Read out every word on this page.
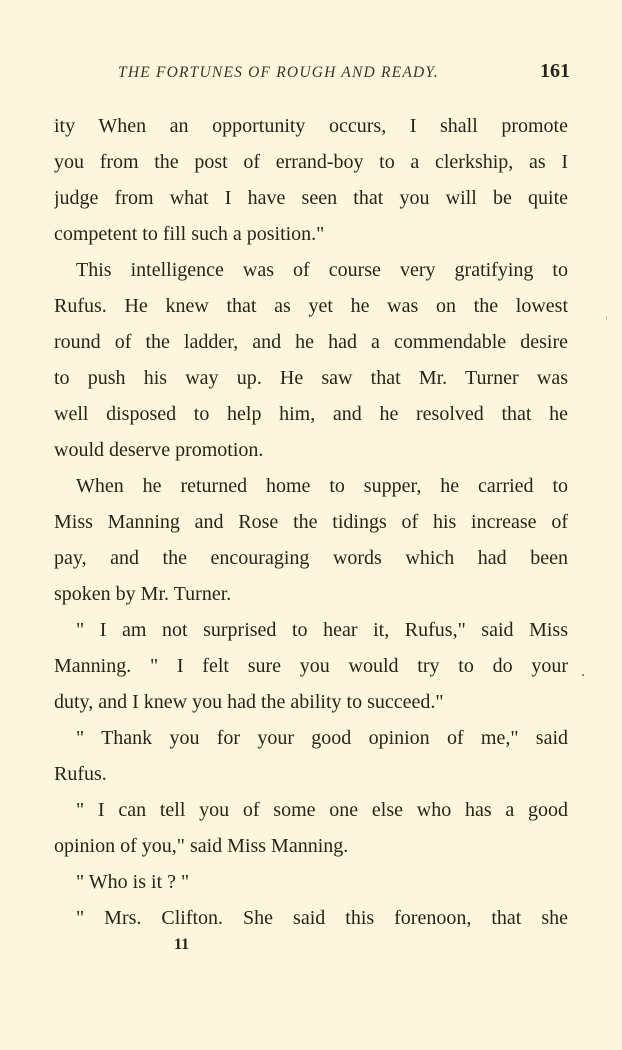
THE FORTUNES OF ROUGH AND READY.	161
ity When an opportunity occurs, I shall promote
you from the post of errand-boy to a clerkship, as I
judge from what I have seen that you will be quite
competent to fill such a position."
This intelligence was of course very gratifying to
Rufus. He knew that as yet he was on the lowest
round of the ladder, and he had a commendable desire
to push his way up. He saw that Mr. Turner was
well disposed to help him, and he resolved that he
would deserve promotion.
When he returned home to supper, he carried to
Miss Manning and Rose the tidings of his increase of
pay, and the encouraging words which had been
spoken by Mr. Turner.
" I am not surprised to hear it, Rufus," said Miss
Manning. " I felt sure you would try to do your
duty, and I knew you had the ability to succeed."
" Thank you for your good opinion of me," said
Rufus.
" I can tell you of some one else who has a good
opinion of you," said Miss Manning.
" Who is it ? "
" Mrs. Clifton. She said this forenoon, that she
11
